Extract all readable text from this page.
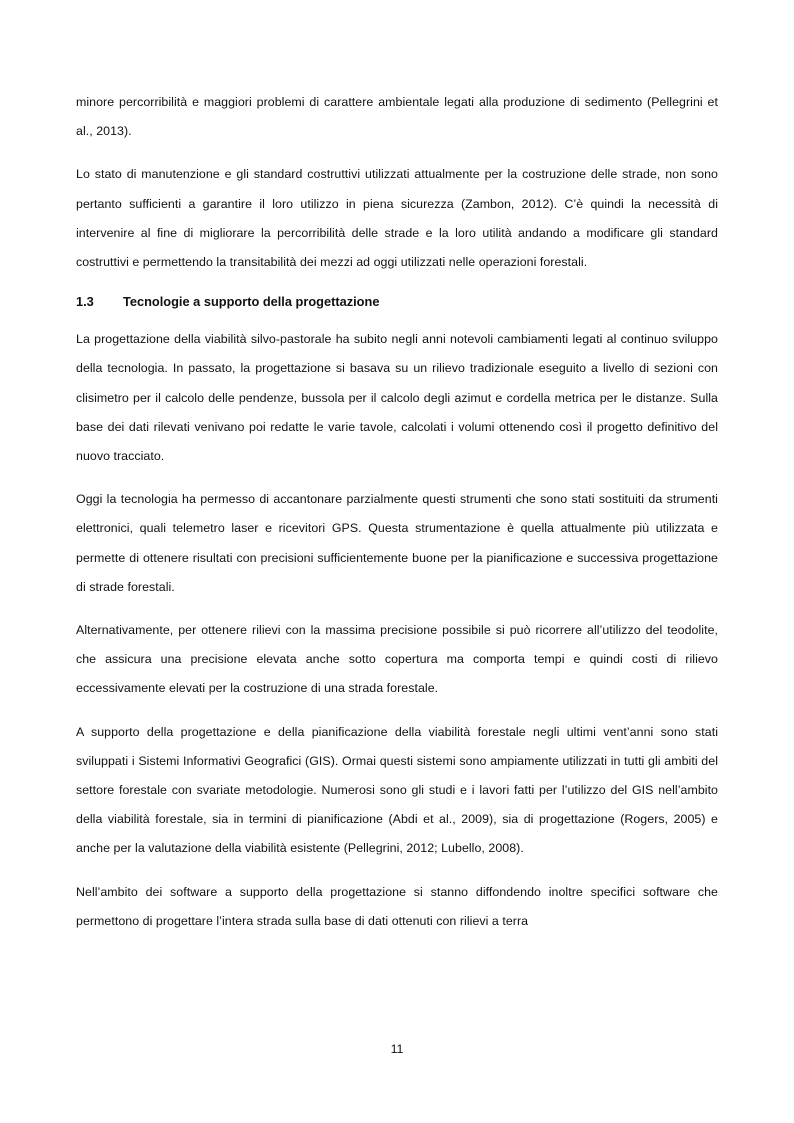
minore percorribilità e maggiori problemi di carattere ambientale legati alla produzione di sedimento (Pellegrini et al., 2013).

Lo stato di manutenzione e gli standard costruttivi utilizzati attualmente per la costruzione delle strade, non sono pertanto sufficienti a garantire il loro utilizzo in piena sicurezza (Zambon, 2012). C’è quindi la necessità di intervenire al fine di migliorare la percorribilità delle strade e la loro utilità andando a modificare gli standard costruttivi e permettendo la transitabilità dei mezzi ad oggi utilizzati nelle operazioni forestali.

1.3	Tecnologie a supporto della progettazione

La progettazione della viabilità silvo-pastorale ha subito negli anni notevoli cambiamenti legati al continuo sviluppo della tecnologia. In passato, la progettazione si basava su un rilievo tradizionale eseguito a livello di sezioni con clisimetro per il calcolo delle pendenze, bussola per il calcolo degli azimut e cordella metrica per le distanze. Sulla base dei dati rilevati venivano poi redatte le varie tavole, calcolati i volumi ottenendo così il progetto definitivo del nuovo tracciato.

Oggi la tecnologia ha permesso di accantonare parzialmente questi strumenti che sono stati sostituiti da strumenti elettronici, quali telemetro laser e ricevitori GPS. Questa strumentazione è quella attualmente più utilizzata e permette di ottenere risultati con precisioni sufficientemente buone per la pianificazione e successiva progettazione di strade forestali.

Alternativamente, per ottenere rilievi con la massima precisione possibile si può ricorrere all’utilizzo del teodolite, che assicura una precisione elevata anche sotto copertura ma comporta tempi e quindi costi di rilievo eccessivamente elevati per la costruzione di una strada forestale.

A supporto della progettazione e della pianificazione della viabilità forestale negli ultimi vent’anni sono stati sviluppati i Sistemi Informativi Geografici (GIS). Ormai questi sistemi sono ampiamente utilizzati in tutti gli ambiti del settore forestale con svariate metodologie. Numerosi sono gli studi e i lavori fatti per l’utilizzo del GIS nell’ambito della viabilità forestale, sia in termini di pianificazione (Abdi et al., 2009), sia di progettazione (Rogers, 2005) e anche per la valutazione della viabilità esistente (Pellegrini, 2012; Lubello, 2008).

Nell’ambito dei software a supporto della progettazione si stanno diffondendo inoltre specifici software che permettono di progettare l’intera strada sulla base di dati ottenuti con rilievi a terra

11
